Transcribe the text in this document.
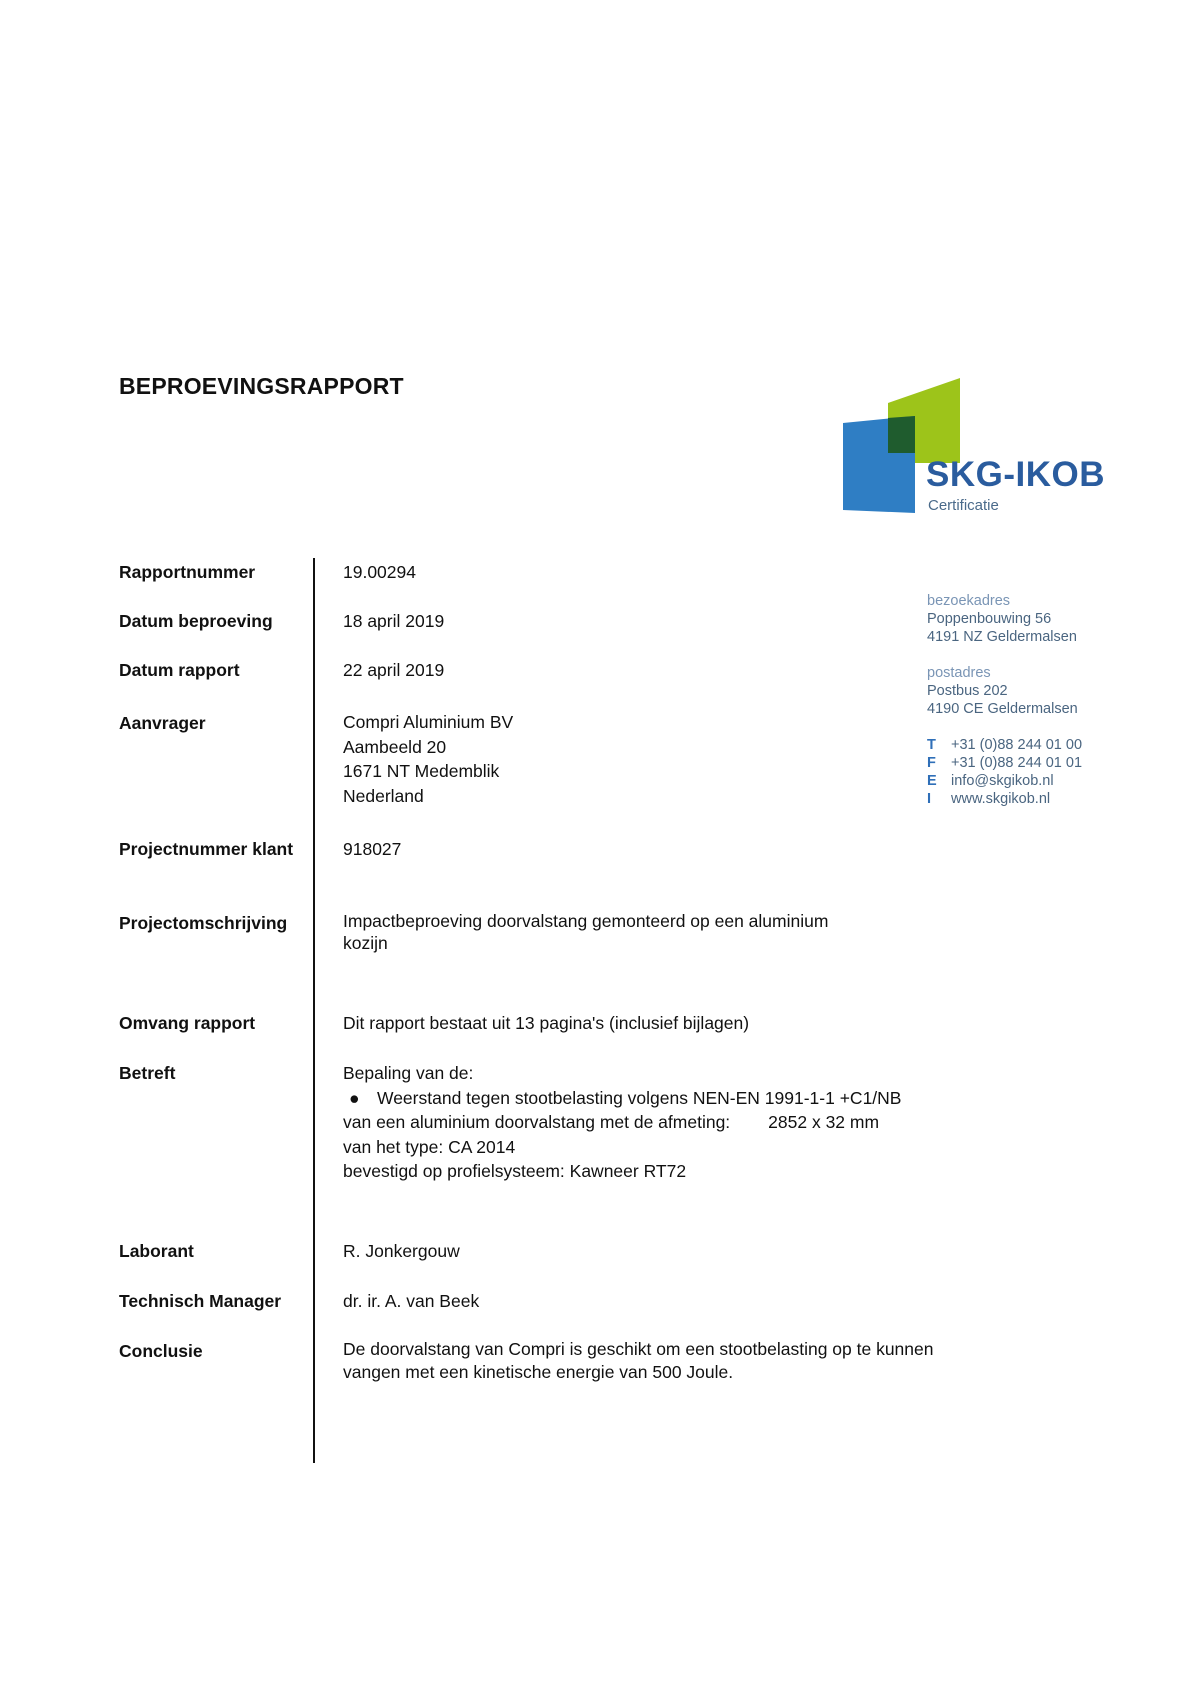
BEPROEVINGSRAPPORT
SKG-IKOB
Certificatie
bezoekadres
Poppenbouwing 56
4191 NZ Geldermalsen
postadres
Postbus 202
4190 CE Geldermalsen
T	+31 (0)88 244 01 00
F	+31 (0)88 244 01 01
E info@skgikob.nl
I	www.skgikob.nl
Rapportnummer	19.00294
Datum beproeving	18 april 2019
Datum rapport	22 april 2019
Aanvrager	Compri Aluminium BV
Aambeeld 20
1671 NT Medemblik
Nederland
Projectnummer klant	918027
Projectomschrijving	Impactbeproeving doorvalstang gemonteerd op een aluminium
kozijn
Omvang rapport	Dit rapport bestaat uit 13 pagina's (inclusief bijlagen)
Betreft	Bepaling van de:
● Weerstand tegen stootbelasting volgens NEN-EN 1991-1-1 +C1/NB
van een aluminium doorvalstang met de afmeting: 2852 x 32 mm
van het type: CA 2014
bevestigd op profielsysteem: Kawneer RT72
Laborant	R. Jonkergouw
Technisch Manager	dr. ir. A. van Beek
Conclusie	De doorvalstang van Compri is geschikt om een stootbelasting op te kunnen
vangen met een kinetische energie van 500 Joule.
